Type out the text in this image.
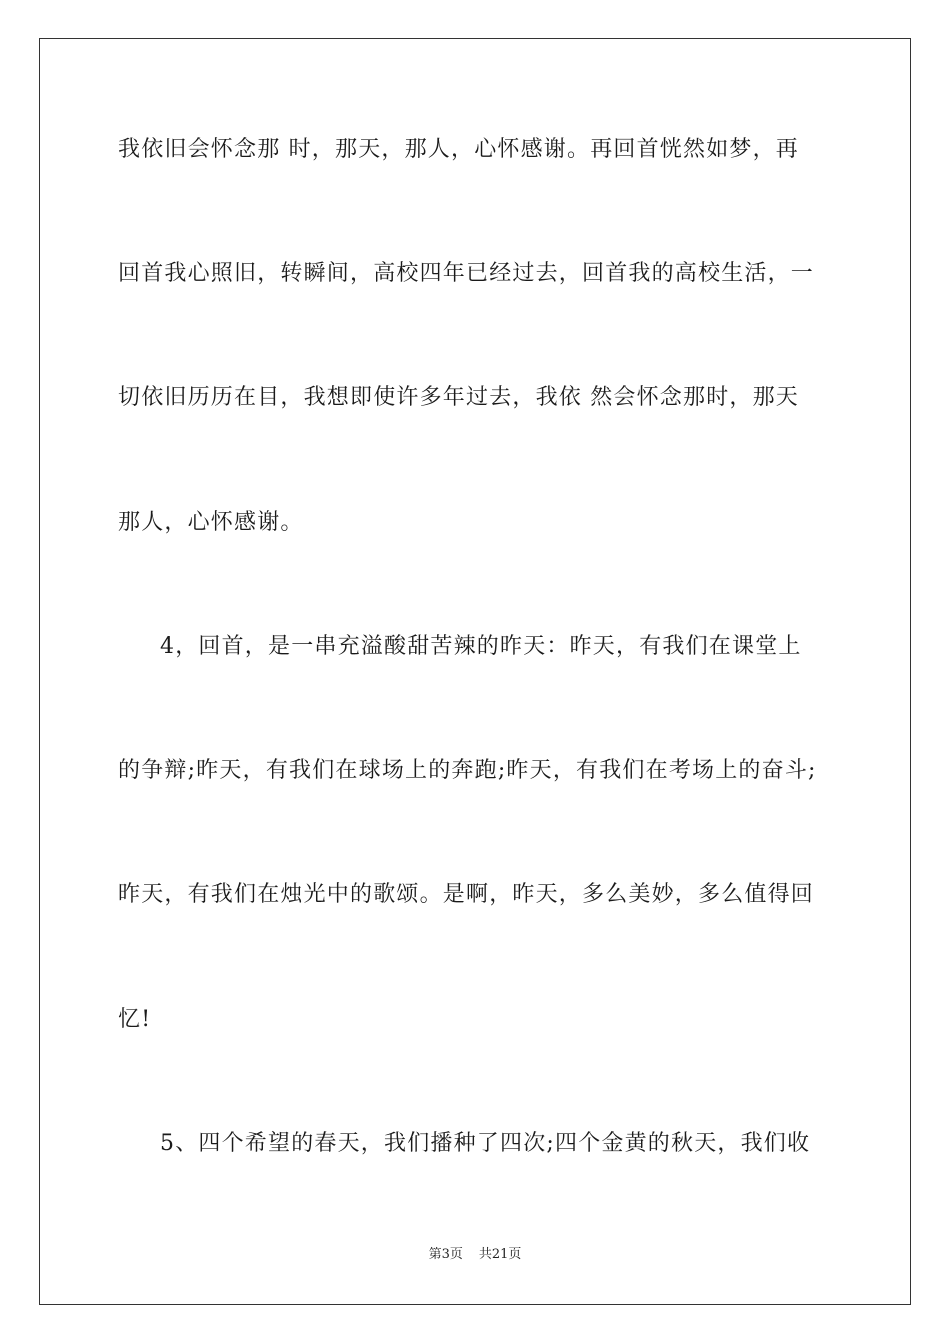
我依旧会怀念那 时，那天，那人，心怀感谢。再回首恍然如梦，再
回首我心照旧，转瞬间，高校四年已经过去，回首我的高校生活，一
切依旧历历在目，我想即使许多年过去，我依 然会怀念那时，那天
那人，心怀感谢。
4，回首，是一串充溢酸甜苦辣的昨天：昨天，有我们在课堂上
的争辩;昨天，有我们在球场上的奔跑;昨天，有我们在考场上的奋斗;
昨天，有我们在烛光中的歌颂。是啊，昨天，多么美妙，多么值得回
忆!
5、四个希望的春天，我们播种了四次;四个金黄的秋天，我们收
第3页 共21页
